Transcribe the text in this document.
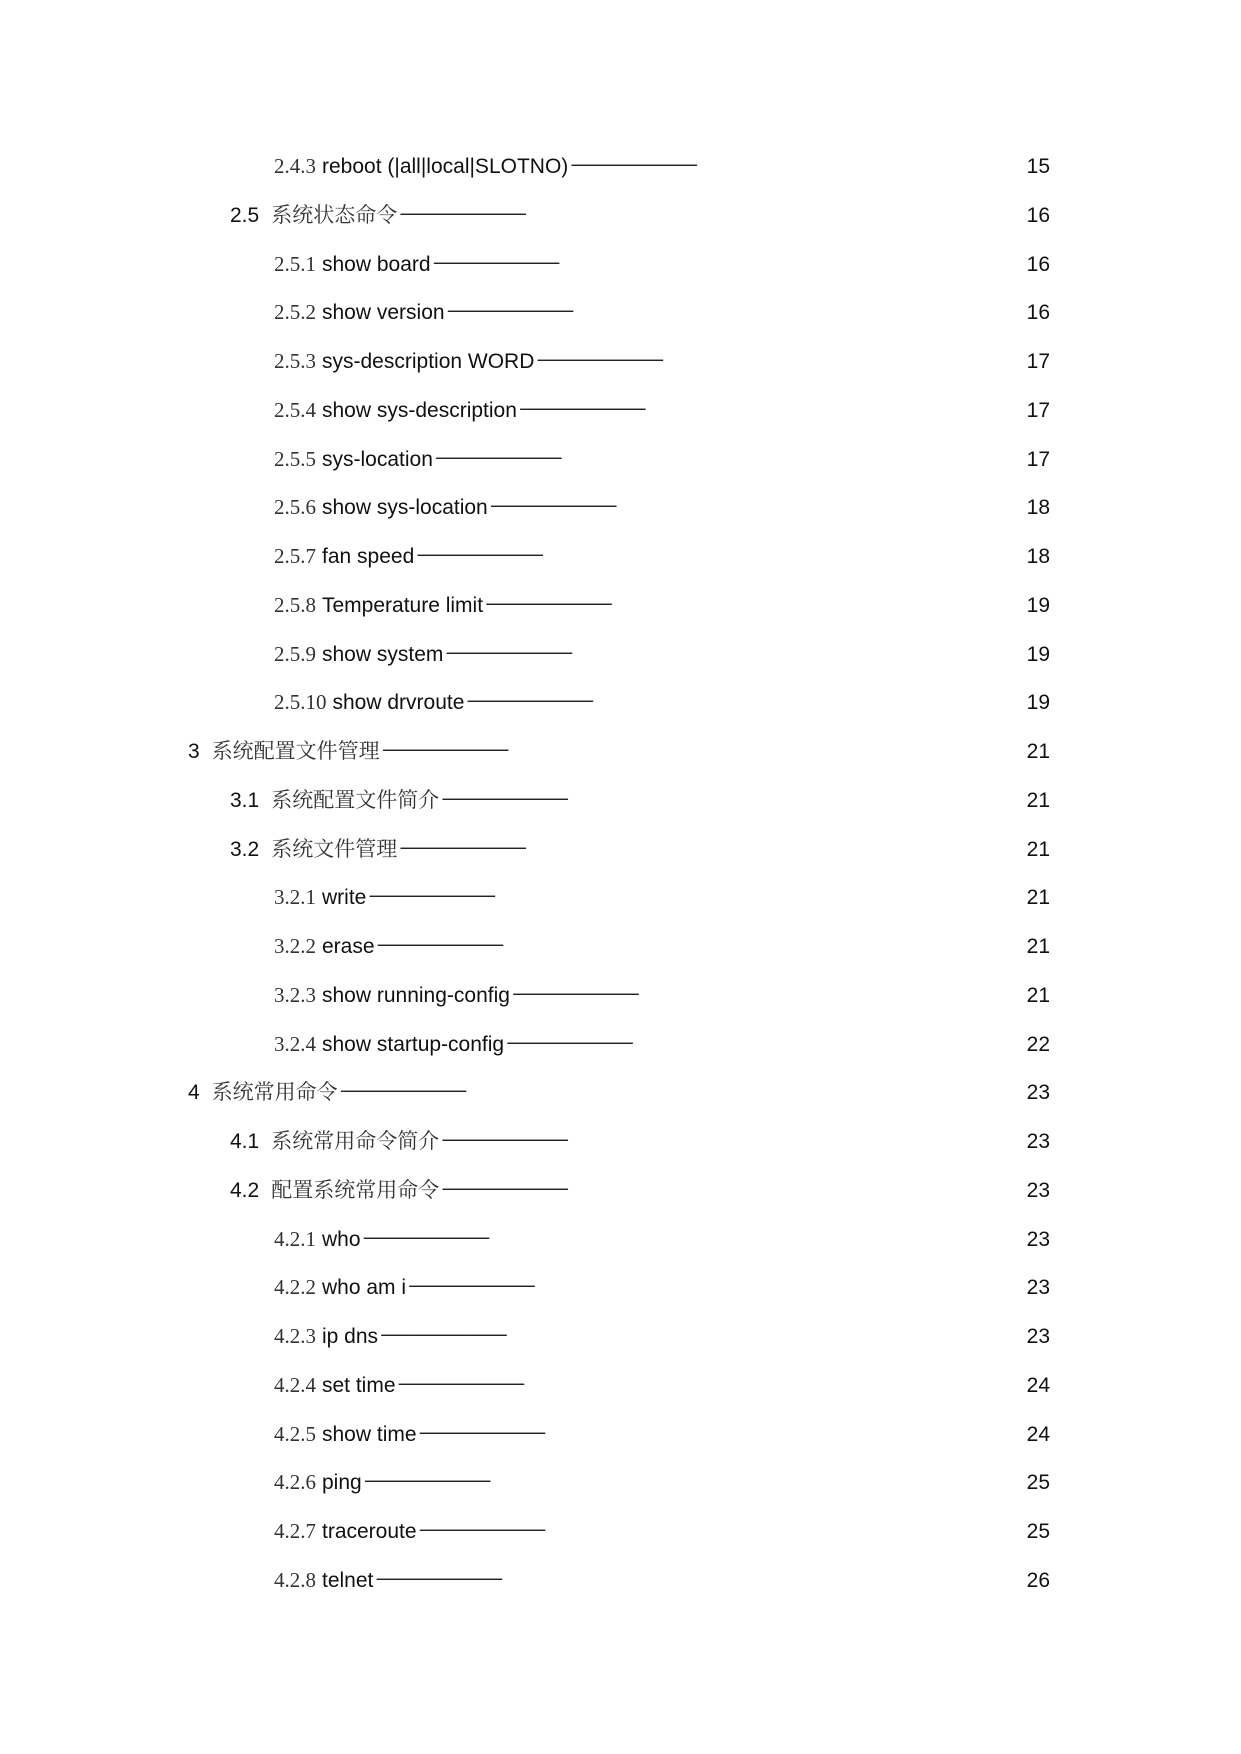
2.4.3 reboot (|all|local|SLOTNO) . . .	15
2.5 系统状态命令 . . .	16
2.5.1 show board . . .	16
2.5.2 show version . . .	16
2.5.3 sys-description WORD . . .	17
2.5.4 show sys-description . . .	17
2.5.5 sys-location . . .	17
2.5.6 show sys-location . . .	18
2.5.7 fan speed . . .	18
2.5.8 Temperature limit . . .	19
2.5.9 show system . . .	19
2.5.10 show drvroute . . .	19
3 系统配置文件管理 . . .	21
3.1 系统配置文件简介 . . .	21
3.2 系统文件管理 . . .	21
3.2.1 write . . .	21
3.2.2 erase . . .	21
3.2.3 show running-config . . .	21
3.2.4 show startup-config . . .	22
4 系统常用命令 . . .	23
4.1 系统常用命令简介 . . .	23
4.2 配置系统常用命令 . . .	23
4.2.1 who . . .	23
4.2.2 who am i . . .	23
4.2.3 ip dns . . .	23
4.2.4 set time . . .	24
4.2.5 show time . . .	24
4.2.6 ping . . .	25
4.2.7 traceroute . . .	25
4.2.8 telnet . . .	26
